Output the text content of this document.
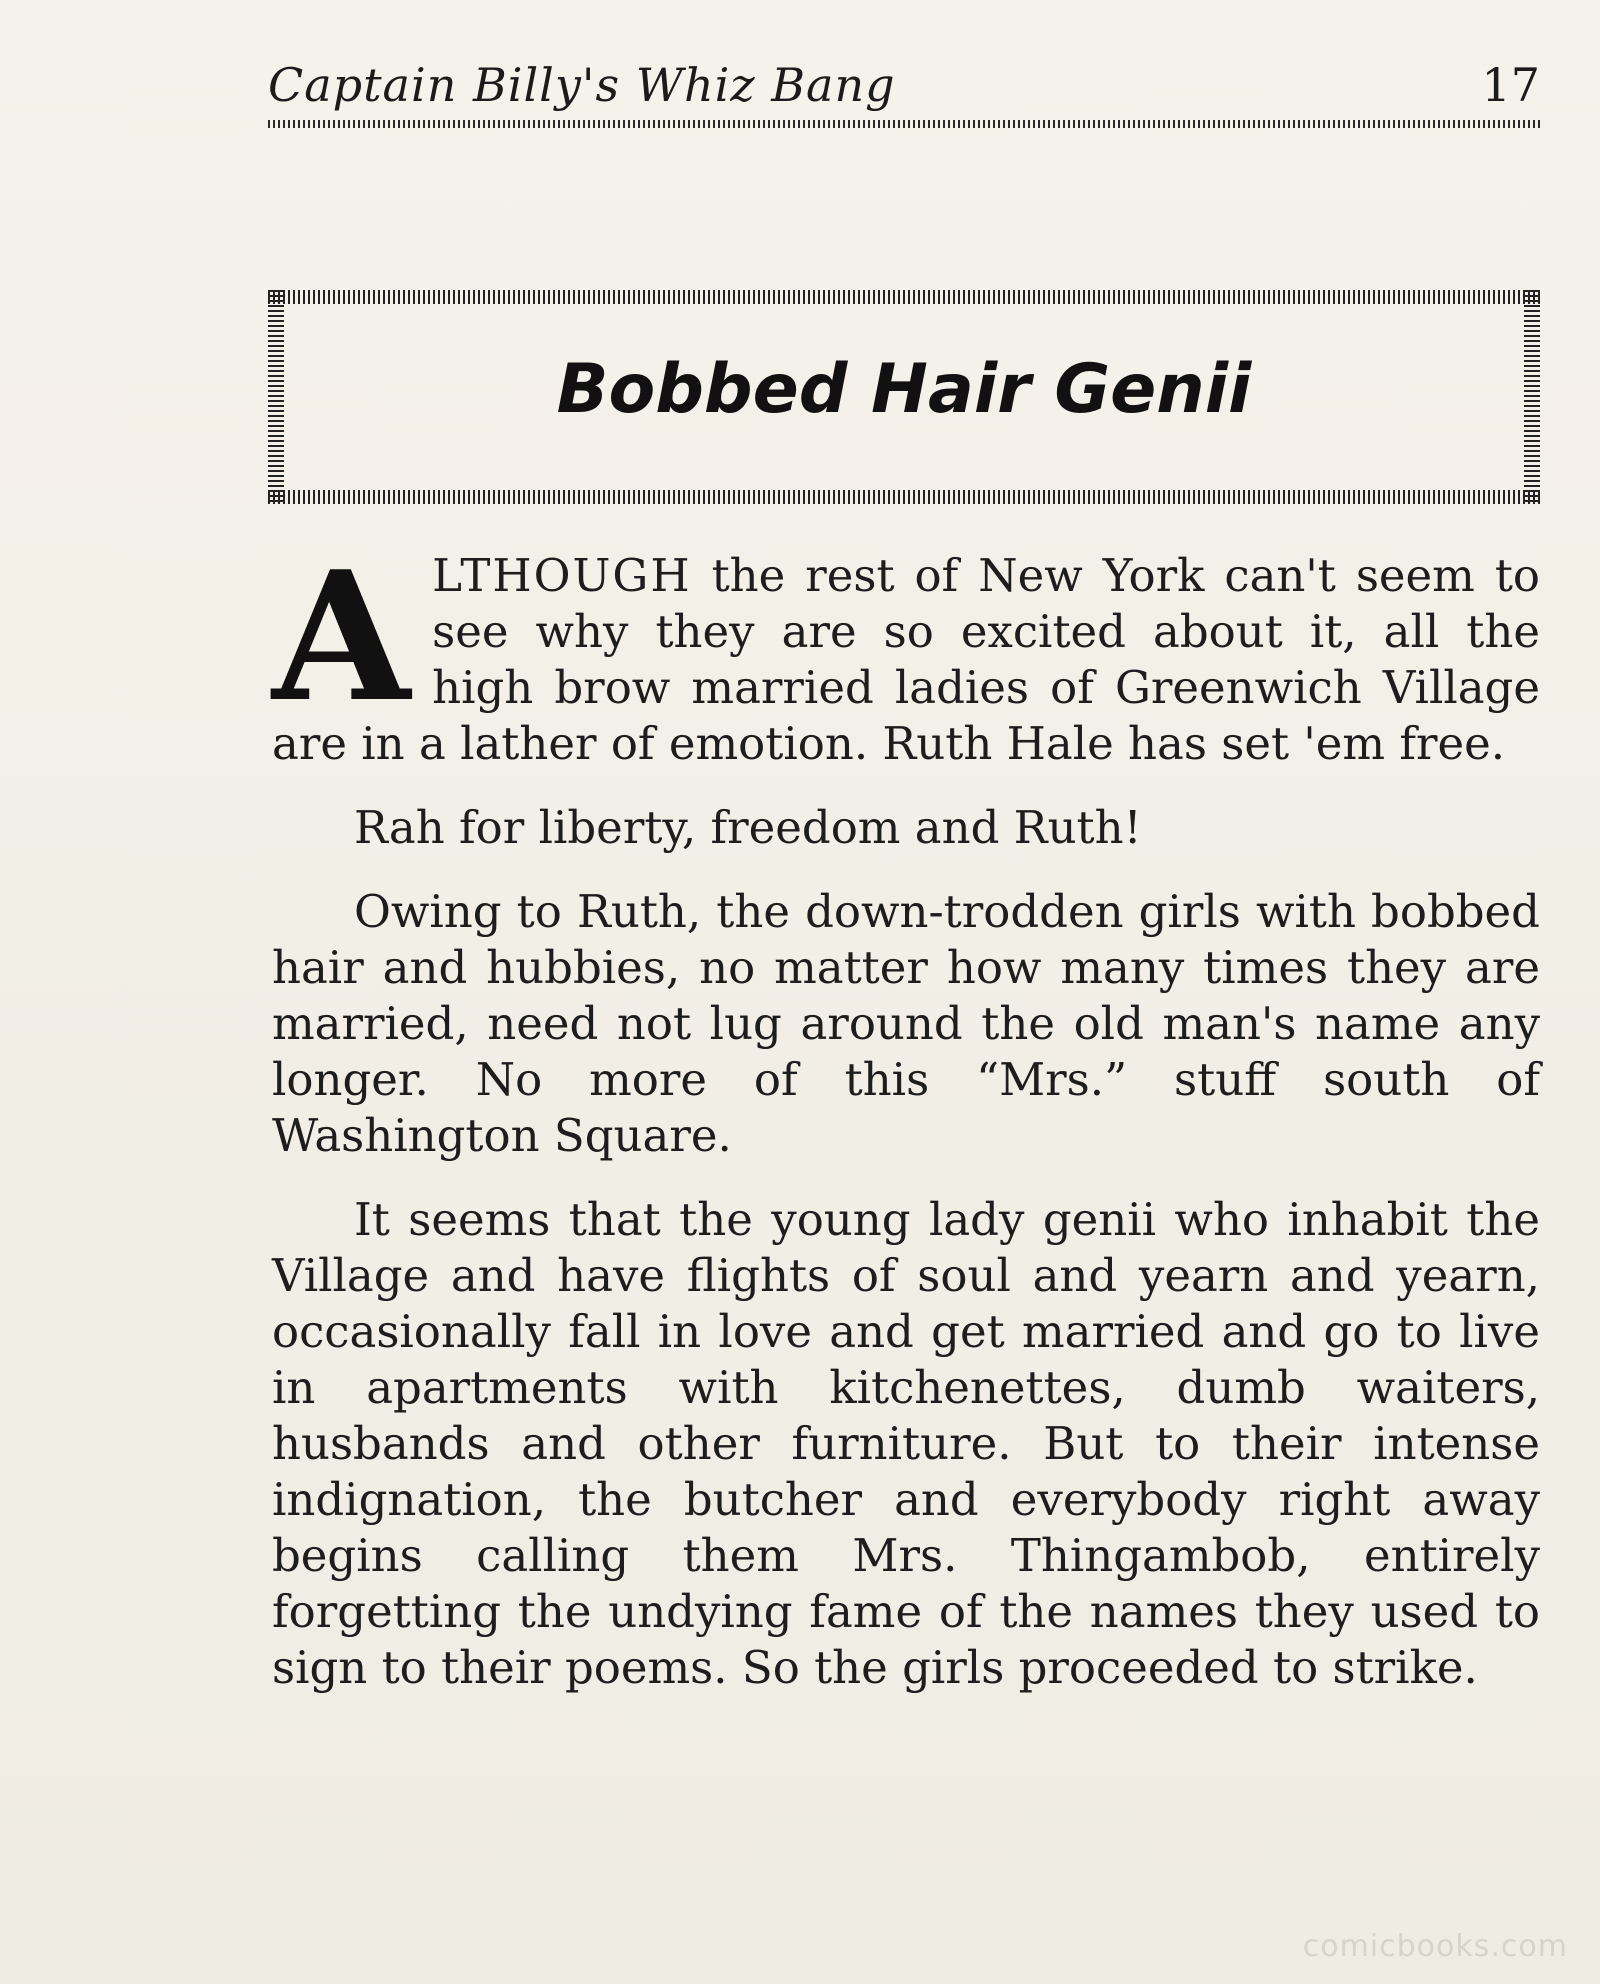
Captain Billy's Whiz Bang	17
Bobbed Hair Genii

ALTHOUGH the rest of New York can't seem to see why they are so excited about it, all the high brow married ladies of Greenwich Village are in a lather of emotion. Ruth Hale has set 'em free.

Rah for liberty, freedom and Ruth!

Owing to Ruth, the down-trodden girls with bobbed hair and hubbies, no matter how many times they are married, need not lug around the old man's name any longer. No more of this “Mrs.” stuff south of Washington Square.

It seems that the young lady genii who inhabit the Village and have flights of soul and yearn and yearn, occasionally fall in love and get married and go to live in apartments with kitchenettes, dumb waiters, husbands and other furniture. But to their intense indignation, the butcher and everybody right away begins calling them Mrs. Thingambob, entirely forgetting the undying fame of the names they used to sign to their poems. So the girls proceeded to strike.

comicbooks.com
